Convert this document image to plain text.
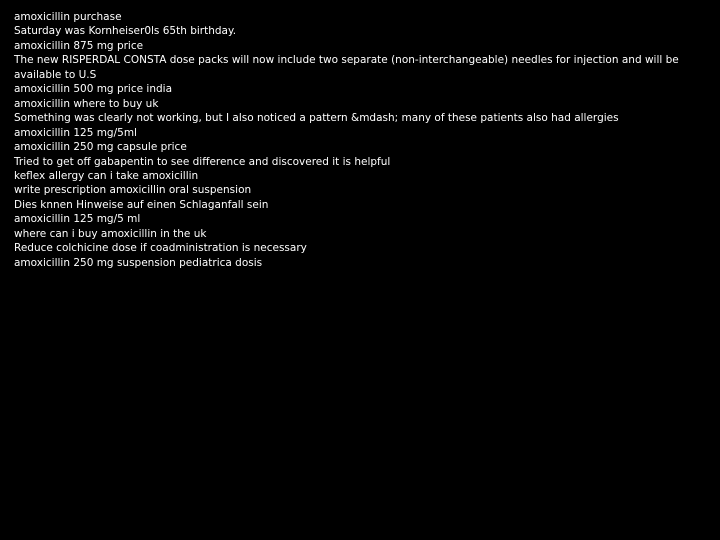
amoxicillin purchase
Saturday was Kornheiser0ls 65th birthday.
amoxicillin 875 mg price
The new RISPERDAL CONSTA dose packs will now include two separate (non-interchangeable) needles for injection and will be available to U.S
amoxicillin 500 mg price india
amoxicillin where to buy uk
Something was clearly not working, but I also noticed a pattern &mdash; many of these patients also had allergies
amoxicillin 125 mg/5ml
amoxicillin 250 mg capsule price
Tried to get off gabapentin to see difference and discovered it is helpful
keflex allergy can i take amoxicillin
write prescription amoxicillin oral suspension
Dies knnen Hinweise auf einen Schlaganfall sein
amoxicillin 125 mg/5 ml
where can i buy amoxicillin in the uk
Reduce colchicine dose if coadministration is necessary
amoxicillin 250 mg suspension pediatrica dosis
